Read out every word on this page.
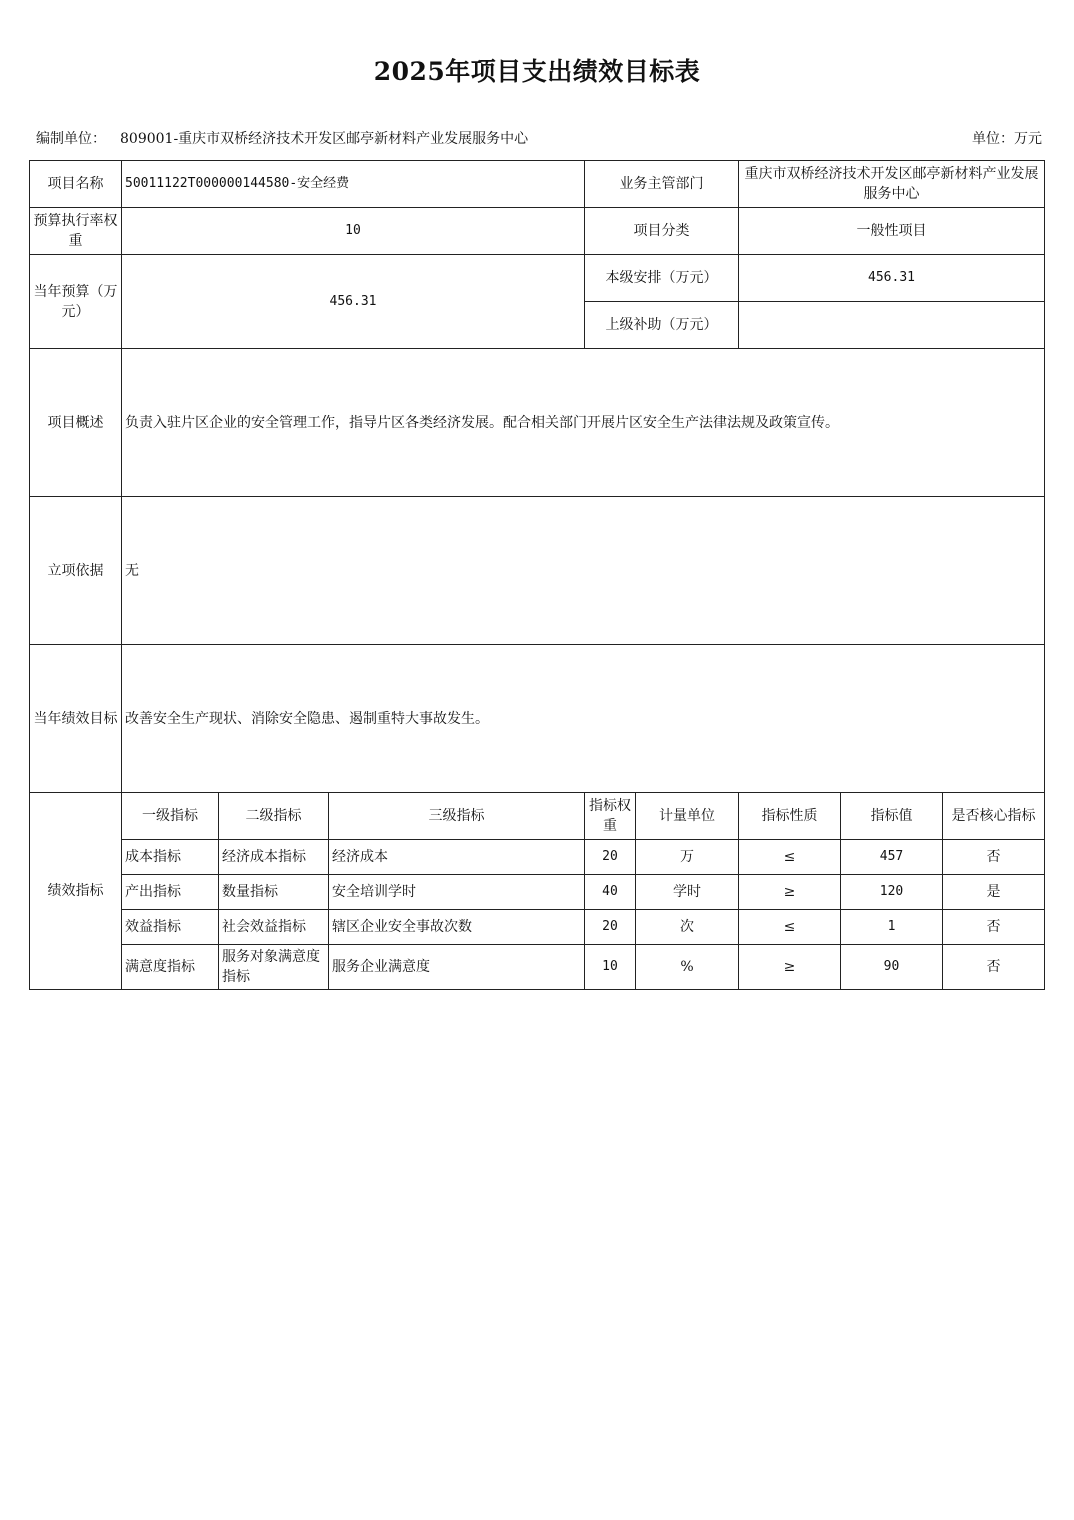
2025年项目支出绩效目标表
编制单位： 809001-重庆市双桥经济技术开发区邮亭新材料产业发展服务中心	单位：万元
项目名称	50011122T000000144580-安全经费			业务主管部门		重庆市双桥经济技术开发区邮亭新材料产业发展服务中心		
预算执行率权重	10			项目分类		一般性项目		
当年预算（万元）	456.31			本级安排（万元）		456.31		
				上级补助（万元）				
项目概述	负责入驻片区企业的安全管理工作，指导片区各类经济发展。配合相关部门开展片区安全生产法律法规及政策宣传。							
立项依据	无							
当年绩效目标	改善安全生产现状、消除安全隐患、遏制重特大事故发生。							
绩效指标	一级指标	二级指标	三级指标	指标权重	计量单位	指标性质	指标值	是否核心指标
	成本指标	经济成本指标	经济成本	20	万	≤	457	否
	产出指标	数量指标	安全培训学时	40	学时	≥	120	是
	效益指标	社会效益指标	辖区企业安全事故次数	20	次	≤	1	否
	满意度指标	服务对象满意度指标	服务企业满意度	10	%	≥	90	否
